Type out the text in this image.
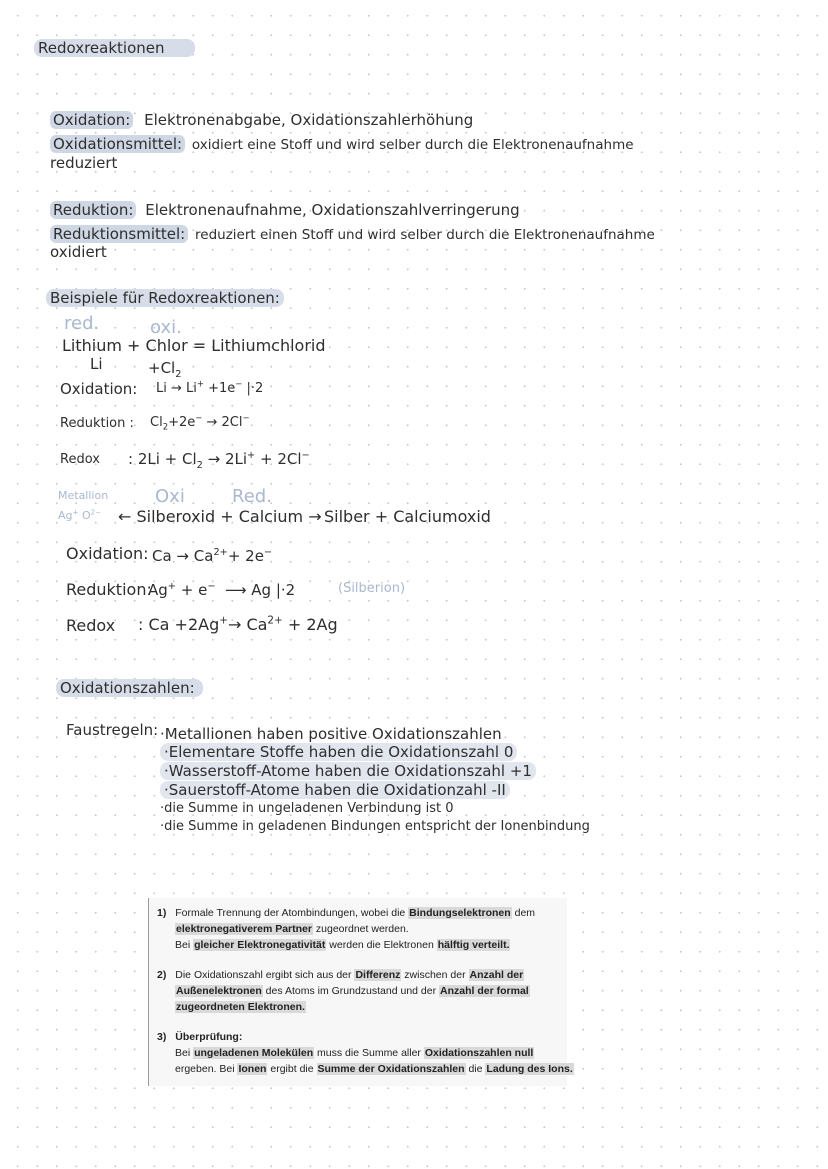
Redoxreaktionen
Oxidation: Elektronenabgabe, Oxidationszahlerhöhung
Oxidationsmittel: oxidiert eine Stoff und wird selber durch die Elektronenaufnahme
reduziert
Reduktion: Elektronenaufnahme, Oxidationszahlverringerung
Reduktionsmittel: reduziert einen Stoff und wird selber durch die Elektronenaufnahme
oxidiert
Beispiele für Redoxreaktionen:
red.	oxi.
Lithium + Chlor = Lithiumchlorid
Li	$+Cl_2$
Oxidation: Li → Li+ +1e− |·2
Reduktion : $Cl_2+2e^- \to 2Cl^-$
Redox : $2Li + Cl_2 \to 2Li^+ + 2Cl^-$
Metallion	Oxi	Red.
Ag+ $O^{2-}$ ← Silberoxid + Calcium → Silber + Calciumoxid
Oxidation: $Ca \to Ca^{2+}+ 2e^-$
Reduktion:
Ag+ + e−  ⟶ Ag |·2	(Silberion)
Redox : $Ca +2Ag^+\to Ca^{2+} + 2Ag$
Oxidationszahlen:
Faustregeln: ·Metallionen haben positive Oxidationszahlen
·Elementare Stoffe haben die Oxidationszahl 0
·Wasserstoff-Atome haben die Oxidationszahl +1
·Sauerstoff-Atome haben die Oxidationzahl -II
·die Summe in ungeladenen Verbindung ist 0
·die Summe in geladenen Bindungen entspricht der Ionenbindung
1) Formale Trennung der Atombindungen, wobei die Bindungselektronen dem
elektronegativerem Partner zugeordnet werden.
Bei gleicher Elektronegativität werden die Elektronen hälftig verteilt.
2) Die Oxidationszahl ergibt sich aus der Differenz zwischen der Anzahl der
Außenelektronen des Atoms im Grundzustand und der Anzahl der formal
zugeordneten Elektronen.
3) Überprüfung:
Bei ungeladenen Molekülen muss die Summe aller Oxidationszahlen null
ergeben. Bei Ionen ergibt die Summe der Oxidationszahlen die Ladung des Ions.
